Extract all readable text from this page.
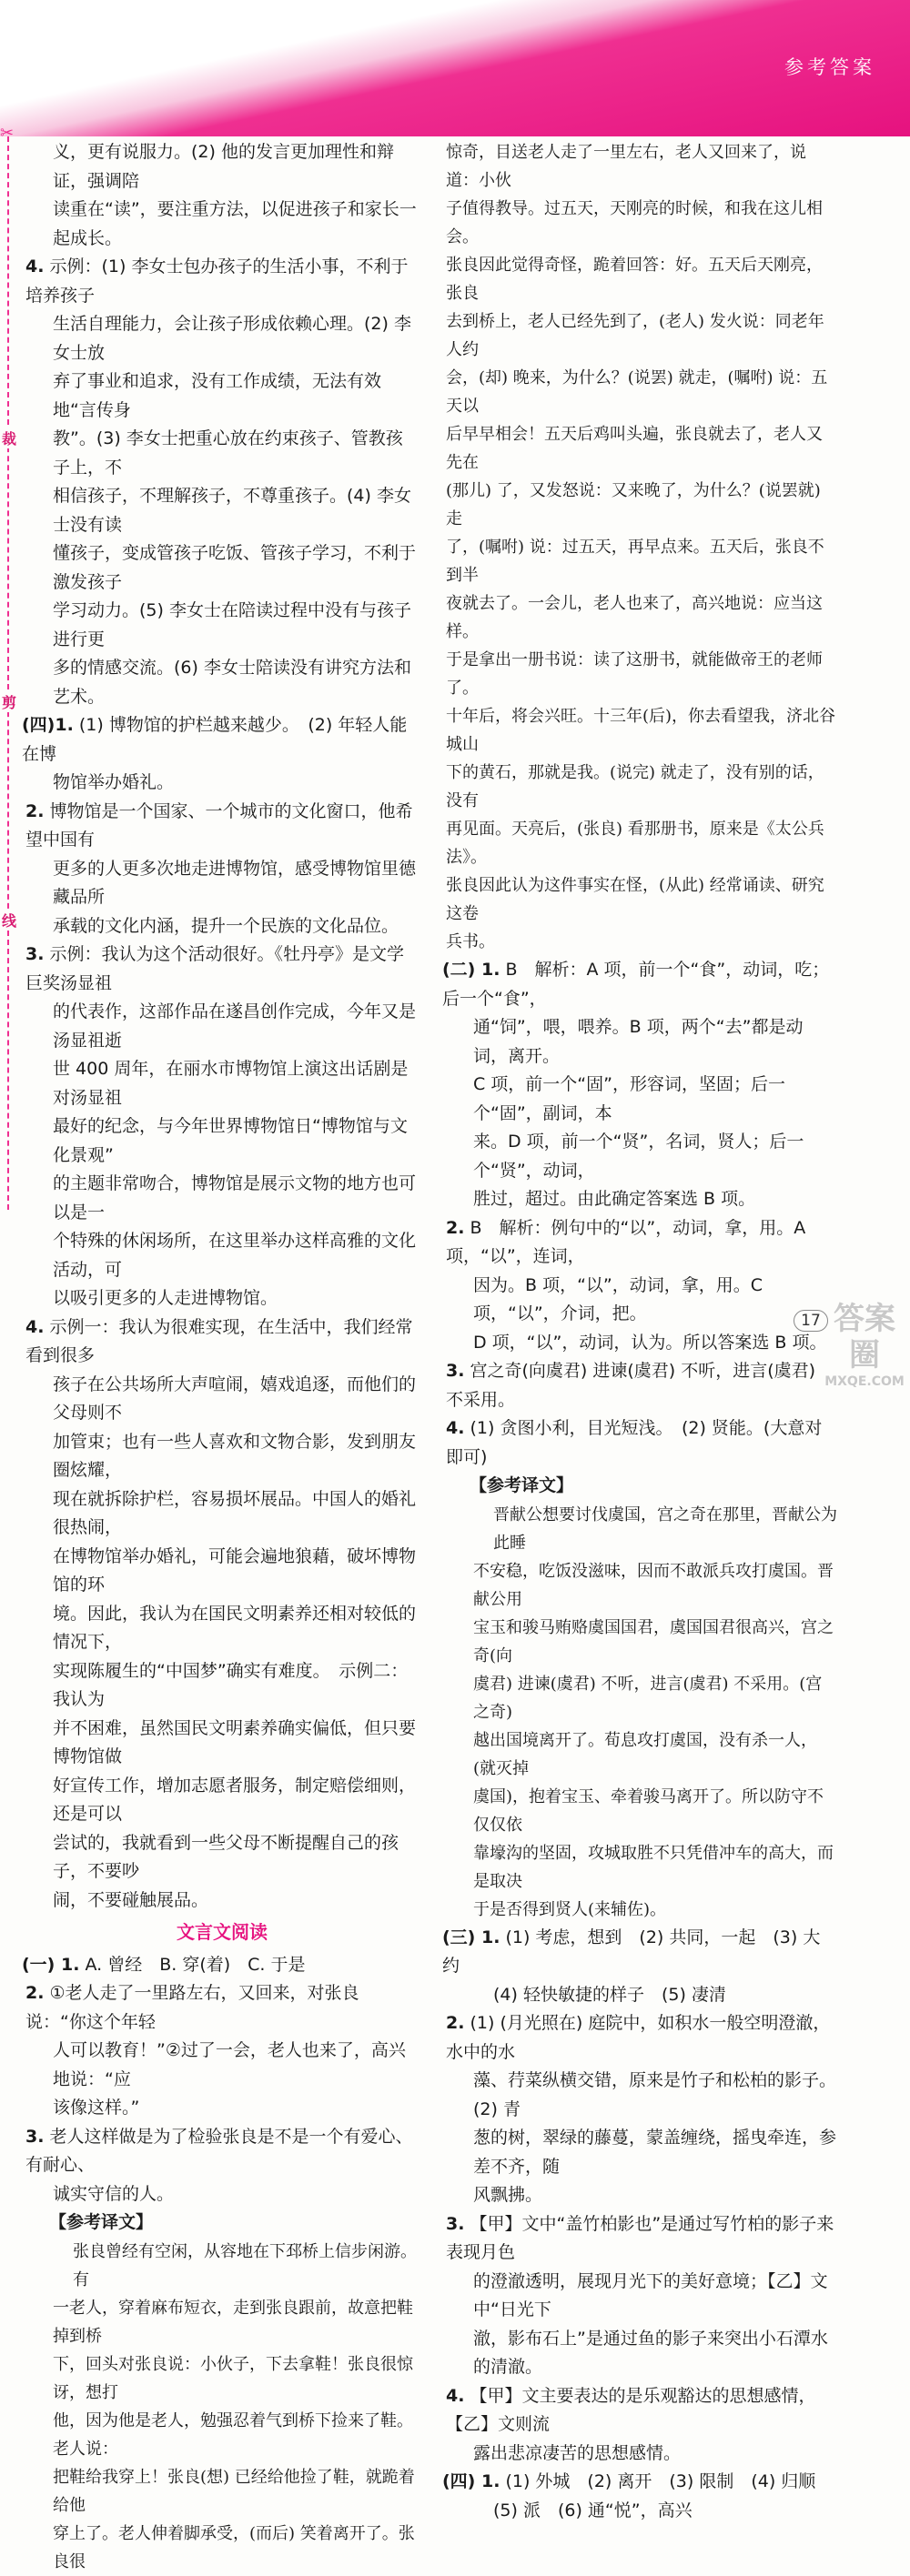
参考答案
✂
裁
剪
线

义，更有说服力。(2) 他的发言更加理性和辩证，强调陪

读重在“读”，要注重方法，以促进孩子和家长一起成长。

4. 示例：(1) 李女士包办孩子的生活小事，不利于培养孩子

生活自理能力，会让孩子形成依赖心理。(2) 李女士放

弃了事业和追求，没有工作成绩，无法有效地“言传身

教”。(3) 李女士把重心放在约束孩子、管教孩子上，不

相信孩子，不理解孩子，不尊重孩子。(4) 李女士没有读

懂孩子，变成管孩子吃饭、管孩子学习，不利于激发孩子

学习动力。(5) 李女士在陪读过程中没有与孩子进行更

多的情感交流。(6) 李女士陪读没有讲究方法和艺术。

(四)1. (1) 博物馆的护栏越来越少。　(2) 年轻人能在博

物馆举办婚礼。

2. 博物馆是一个国家、一个城市的文化窗口，他希望中国有

更多的人更多次地走进博物馆，感受博物馆里德藏品所

承载的文化内涵，提升一个民族的文化品位。

3. 示例：我认为这个活动很好。《牡丹亭》是文学巨奖汤显祖

的代表作，这部作品在遂昌创作完成，今年又是汤显祖逝

世 400 周年，在丽水市博物馆上演这出话剧是对汤显祖

最好的纪念，与今年世界博物馆日“博物馆与文化景观”

的主题非常吻合，博物馆是展示文物的地方也可以是一

个特殊的休闲场所，在这里举办这样高雅的文化活动，可

以吸引更多的人走进博物馆。

4. 示例一：我认为很难实现，在生活中，我们经常看到很多

孩子在公共场所大声喧闹，嬉戏追逐，而他们的父母则不

加管束；也有一些人喜欢和文物合影，发到朋友圈炫耀，

现在就拆除护栏，容易损坏展品。中国人的婚礼很热闹，

在博物馆举办婚礼，可能会遍地狼藉，破坏博物馆的环

境。因此，我认为在国民文明素养还相对较低的情况下，

实现陈履生的“中国梦”确实有难度。　示例二：我认为

并不困难，虽然国民文明素养确实偏低，但只要博物馆做

好宣传工作，增加志愿者服务，制定赔偿细则，还是可以

尝试的，我就看到一些父母不断提醒自己的孩子，不要吵

闹，不要碰触展品。

文言文阅读

(一) 1. A. 曾经　B. 穿(着)　C. 于是

2. ①老人走了一里路左右，又回来，对张良说：“你这个年轻

人可以教育！”②过了一会，老人也来了，高兴地说：“应

该像这样。”

3. 老人这样做是为了检验张良是不是一个有爱心、有耐心、

诚实守信的人。

【参考译文】

张良曾经有空闲，从容地在下邳桥上信步闲游。有

一老人，穿着麻布短衣，走到张良跟前，故意把鞋掉到桥

下，回头对张良说：小伙子，下去拿鞋！张良很惊讶，想打

他，因为他是老人，勉强忍着气到桥下捡来了鞋。老人说：

把鞋给我穿上！张良(想) 已经给他捡了鞋，就跪着给他

穿上了。老人伸着脚承受，(而后) 笑着离开了。张良很

惊奇，目送老人走了一里左右，老人又回来了，说道：小伙

子值得教导。过五天，天刚亮的时候，和我在这儿相会。

张良因此觉得奇怪，跪着回答：好。五天后天刚亮，张良

去到桥上，老人已经先到了，(老人) 发火说：同老年人约

会，(却) 晚来，为什么？(说罢) 就走，(嘱咐) 说：五天以

后早早相会！五天后鸡叫头遍，张良就去了，老人又先在

(那儿) 了，又发怒说：又来晚了，为什么？(说罢就) 走

了，(嘱咐) 说：过五天，再早点来。五天后，张良不到半

夜就去了。一会儿，老人也来了，高兴地说：应当这样。

于是拿出一册书说：读了这册书，就能做帝王的老师了。

十年后，将会兴旺。十三年(后)，你去看望我，济北谷城山

下的黄石，那就是我。(说完) 就走了，没有别的话，没有

再见面。天亮后，(张良) 看那册书，原来是《太公兵法》。

张良因此认为这件事实在怪，(从此) 经常诵读、研究这卷

兵书。

(二) 1. B　解析：A 项，前一个“食”，动词，吃；后一个“食”，

通“饲”，喂，喂养。B 项，两个“去”都是动词，离开。

C 项，前一个“固”，形容词，坚固；后一个“固”，副词，本

来。D 项，前一个“贤”，名词，贤人；后一个“贤”，动词，

胜过，超过。由此确定答案选 B 项。

2. B　解析：例句中的“以”，动词，拿，用。A 项，“以”，连词，

因为。B 项，“以”，动词，拿，用。C 项，“以”，介词，把。

D 项，“以”，动词，认为。所以答案选 B 项。

3. 宫之奇(向虞君) 进谏(虞君) 不听，进言(虞君) 不采用。

4. (1) 贪图小利，目光短浅。　(2) 贤能。(大意对即可)

【参考译文】

晋献公想要讨伐虞国，宫之奇在那里，晋献公为此睡

不安稳，吃饭没滋味，因而不敢派兵攻打虞国。晋献公用

宝玉和骏马贿赂虞国国君，虞国国君很高兴，宫之奇(向

虞君) 进谏(虞君) 不听，进言(虞君) 不采用。(宫之奇)

越出国境离开了。荀息攻打虞国，没有杀一人，(就灭掉

虞国)，抱着宝玉、牵着骏马离开了。所以防守不仅仅依

靠壕沟的坚固，攻城取胜不只凭借冲车的高大，而是取决

于是否得到贤人(来辅佐)。

(三) 1. (1) 考虑，想到　(2) 共同，一起　(3) 大约

(4) 轻快敏捷的样子　(5) 凄清

2. (1) (月光照在) 庭院中，如积水一般空明澄澈，水中的水

藻、荇菜纵横交错，原来是竹子和松柏的影子。　(2) 青

葱的树，翠绿的藤蔓，蒙盖缠绕，摇曳牵连，参差不齐，随

风飘拂。

3. 【甲】文中“盖竹柏影也”是通过写竹柏的影子来表现月色

的澄澈透明，展现月光下的美好意境；【乙】文中“日光下

澈，影布石上”是通过鱼的影子来突出小石潭水的清澈。

4. 【甲】文主要表达的是乐观豁达的思想感情，【乙】文则流

露出悲凉凄苦的思想感情。

(四) 1. (1) 外城　(2) 离开　(3) 限制　(4) 归顺

(5) 派　(6) 通“悦”，高兴

17 答案圈
MXQE.COM
